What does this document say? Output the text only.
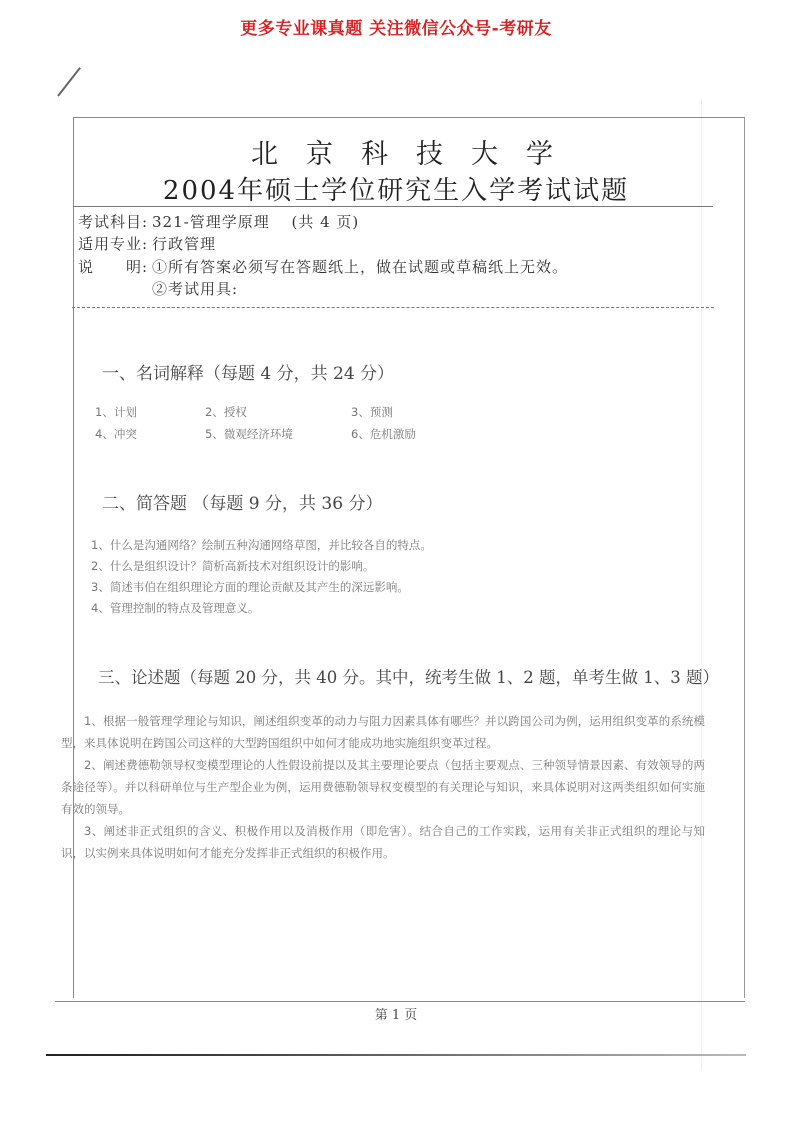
更多专业课真题 关注微信公众号-考研友
北京科技大学
2004年硕士学位研究生入学考试试题
考试科目: 321-管理学原理　 (共 4 页)
适用专业: 行政管理
说　　明: ①所有答案必须写在答题纸上，做在试题或草稿纸上无效。
②考试用具:
一、名词解释（每题 4 分，共 24 分）
1、计划	2、授权	3、预测
4、冲突	5、微观经济环境	6、危机激励
二、简答题 （每题 9 分，共 36 分）
1、什么是沟通网络？绘制五种沟通网络草图，并比较各自的特点。
2、什么是组织设计？简析高新技术对组织设计的影响。
3、简述韦伯在组织理论方面的理论贡献及其产生的深远影响。
4、管理控制的特点及管理意义。
三、论述题（每题 20 分，共 40 分。其中，统考生做 1、2 题，单考生做 1、3 题）

1、根据一般管理学理论与知识，阐述组织变革的动力与阻力因素具体有哪些？并以跨国公司为例，运用组织变革的系统模型，来具体说明在跨国公司这样的大型跨国组织中如何才能成功地实施组织变革过程。

2、阐述费德勒领导权变模型理论的人性假设前提以及其主要理论要点（包括主要观点、三种领导情景因素、有效领导的两条途径等）。并以科研单位与生产型企业为例，运用费德勒领导权变模型的有关理论与知识，来具体说明对这两类组织如何实施有效的领导。

3、阐述非正式组织的含义、积极作用以及消极作用（即危害）。结合自己的工作实践，运用有关非正式组织的理论与知识，以实例来具体说明如何才能充分发挥非正式组织的积极作用。

第 1 页
